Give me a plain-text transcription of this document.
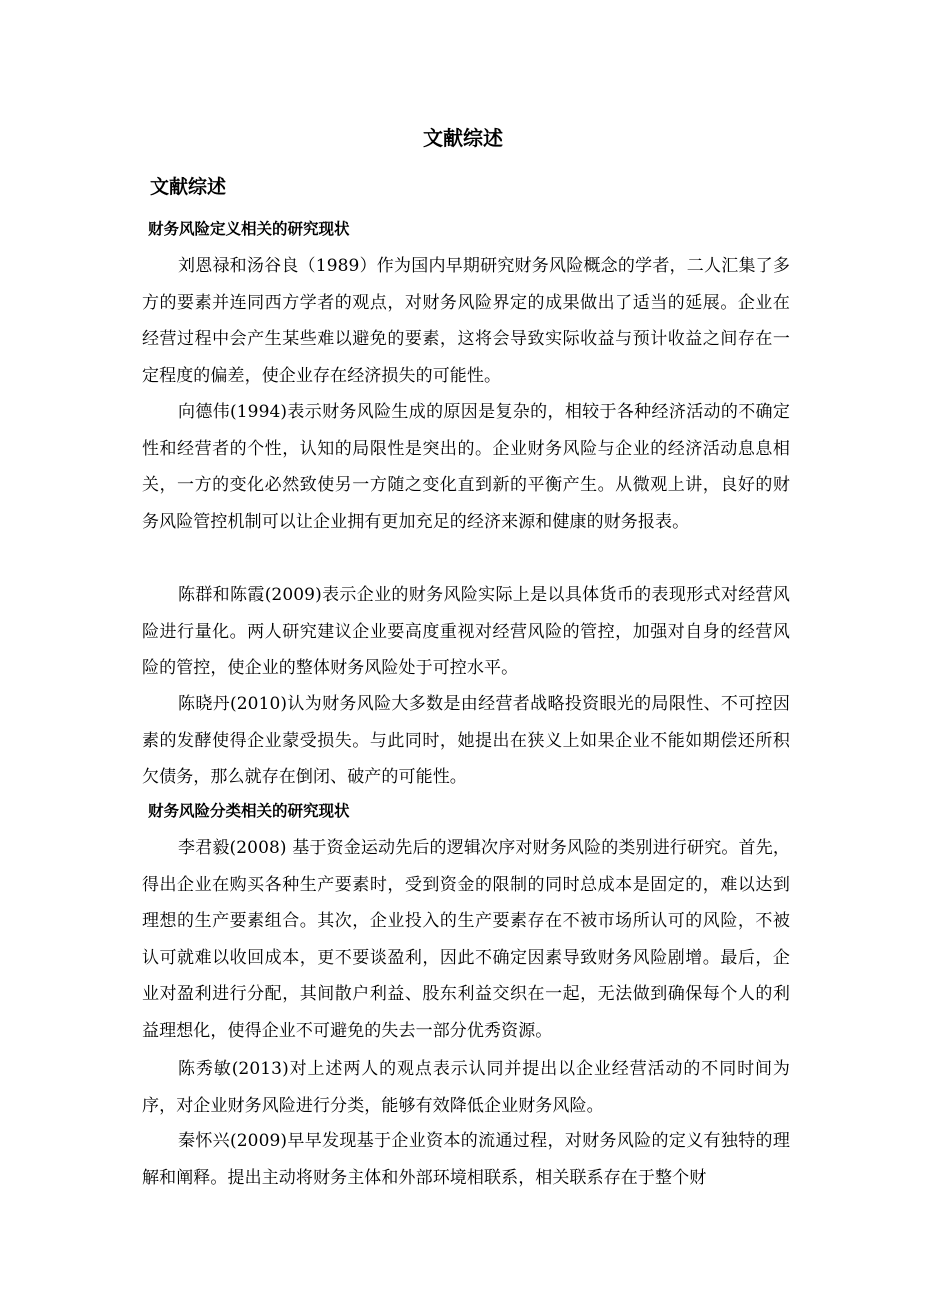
文献综述
文献综述
财务风险定义相关的研究现状

刘恩禄和汤谷良（1989）作为国内早期研究财务风险概念的学者，二人汇集了多方的要素并连同西方学者的观点，对财务风险界定的成果做出了适当的延展。企业在经营过程中会产生某些难以避免的要素，这将会导致实际收益与预计收益之间存在一定程度的偏差，使企业存在经济损失的可能性。

向德伟(1994)表示财务风险生成的原因是复杂的，相较于各种经济活动的不确定性和经营者的个性，认知的局限性是突出的。企业财务风险与企业的经济活动息息相关，一方的变化必然致使另一方随之变化直到新的平衡产生。从微观上讲，良好的财务风险管控机制可以让企业拥有更加充足的经济来源和健康的财务报表。

陈群和陈霞(2009)表示企业的财务风险实际上是以具体货币的表现形式对经营风险进行量化。两人研究建议企业要高度重视对经营风险的管控，加强对自身的经营风险的管控，使企业的整体财务风险处于可控水平。

陈晓丹(2010)认为财务风险大多数是由经营者战略投资眼光的局限性、不可控因素的发酵使得企业蒙受损失。与此同时，她提出在狭义上如果企业不能如期偿还所积欠债务，那么就存在倒闭、破产的可能性。

财务风险分类相关的研究现状

李君毅(2008) 基于资金运动先后的逻辑次序对财务风险的类别进行研究。首先，得出企业在购买各种生产要素时，受到资金的限制的同时总成本是固定的，难以达到理想的生产要素组合。其次，企业投入的生产要素存在不被市场所认可的风险，不被认可就难以收回成本，更不要谈盈利，因此不确定因素导致财务风险剧增。最后，企业对盈利进行分配，其间散户利益、股东利益交织在一起，无法做到确保每个人的利益理想化，使得企业不可避免的失去一部分优秀资源。

陈秀敏(2013)对上述两人的观点表示认同并提出以企业经营活动的不同时间为序，对企业财务风险进行分类，能够有效降低企业财务风险。

秦怀兴(2009)早早发现基于企业资本的流通过程，对财务风险的定义有独特的理解和阐释。提出主动将财务主体和外部环境相联系，相关联系存在于整个财
